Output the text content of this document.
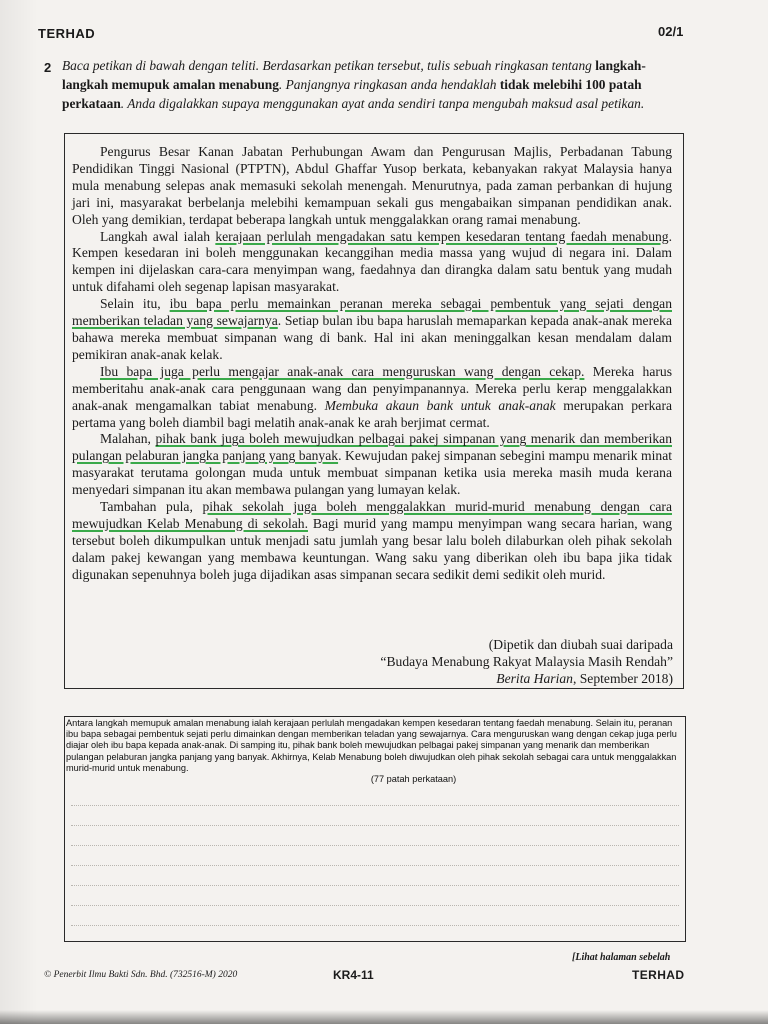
TERHAD	02/1
2 Baca petikan di bawah dengan teliti. Berdasarkan petikan tersebut, tulis sebuah ringkasan tentang langkah-langkah memupuk amalan menabung. Panjangnya ringkasan anda hendaklah tidak melebihi 100 patah perkataan. Anda digalakkan supaya menggunakan ayat anda sendiri tanpa mengubah maksud asal petikan.

Pengurus Besar Kanan Jabatan Perhubungan Awam dan Pengurusan Majlis, Perbadanan Tabung Pendidikan Tinggi Nasional (PTPTN), Abdul Ghaffar Yusop berkata, kebanyakan rakyat Malaysia hanya mula menabung selepas anak memasuki sekolah menengah. Menurutnya, pada zaman perbankan di hujung jari ini, masyarakat berbelanja melebihi kemampuan sekali gus mengabaikan simpanan pendidikan anak. Oleh yang demikian, terdapat beberapa langkah untuk menggalakkan orang ramai menabung.

Langkah awal ialah kerajaan perlulah mengadakan satu kempen kesedaran tentang faedah menabung. Kempen kesedaran ini boleh menggunakan kecanggihan media massa yang wujud di negara ini. Dalam kempen ini dijelaskan cara-cara menyimpan wang, faedahnya dan dirangka dalam satu bentuk yang mudah untuk difahami oleh segenap lapisan masyarakat.

Selain itu, ibu bapa perlu memainkan peranan mereka sebagai pembentuk yang sejati dengan memberikan teladan yang sewajarnya. Setiap bulan ibu bapa haruslah memaparkan kepada anak-anak mereka bahawa mereka membuat simpanan wang di bank. Hal ini akan meninggalkan kesan mendalam dalam pemikiran anak-anak kelak.

Ibu bapa juga perlu mengajar anak-anak cara menguruskan wang dengan cekap. Mereka harus memberitahu anak-anak cara penggunaan wang dan penyimpanannya. Mereka perlu kerap menggalakkan anak-anak mengamalkan tabiat menabung. Membuka akaun bank untuk anak-anak merupakan perkara pertama yang boleh diambil bagi melatih anak-anak ke arah berjimat cermat.

Malahan, pihak bank juga boleh mewujudkan pelbagai pakej simpanan yang menarik dan memberikan pulangan pelaburan jangka panjang yang banyak. Kewujudan pakej simpanan sebegini mampu menarik minat masyarakat terutama golongan muda untuk membuat simpanan ketika usia mereka masih muda kerana menyedari simpanan itu akan membawa pulangan yang lumayan kelak.

Tambahan pula, pihak sekolah juga boleh menggalakkan murid-murid menabung dengan cara mewujudkan Kelab Menabung di sekolah. Bagi murid yang mampu menyimpan wang secara harian, wang tersebut boleh dikumpulkan untuk menjadi satu jumlah yang besar lalu boleh dilaburkan oleh pihak sekolah dalam pakej kewangan yang membawa keuntungan. Wang saku yang diberikan oleh ibu bapa jika tidak digunakan sepenuhnya boleh juga dijadikan asas simpanan secara sedikit demi sedikit oleh murid.

(Dipetik dan diubah suai daripada
“Budaya Menabung Rakyat Malaysia Masih Rendah”
Berita Harian, September 2018)
Antara langkah memupuk amalan menabung ialah kerajaan perlulah mengadakan kempen kesedaran tentang faedah menabung. Selain itu, peranan ibu bapa sebagai pembentuk sejati perlu dimainkan dengan memberikan teladan yang sewajarnya. Cara menguruskan wang dengan cekap juga perlu diajar oleh ibu bapa kepada anak-anak. Di samping itu, pihak bank boleh mewujudkan pelbagai pakej simpanan yang menarik dan memberikan pulangan pelaburan jangka panjang yang banyak. Akhirnya, Kelab Menabung boleh diwujudkan oleh pihak sekolah sebagai cara untuk menggalakkan murid-murid untuk menabung.
(77 patah perkataan)
© Penerbit Ilmu Bakti Sdn. Bhd. (732516-M) 2020	KR4-11
[Lihat halaman sebelah
TERHAD
